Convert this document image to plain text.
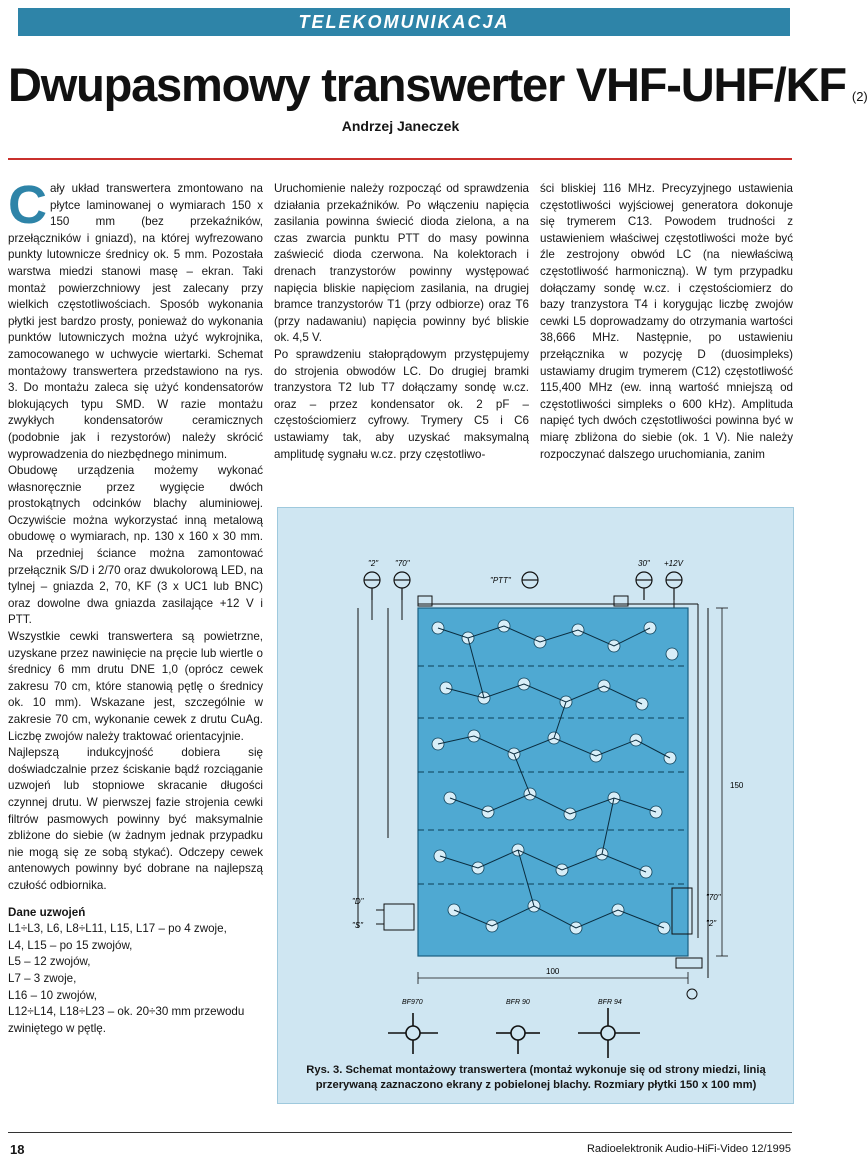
TELEKOMUNIKACJA
Dwupasmowy transwerter VHF-UHF/KF (2)
Andrzej Janeczek

Cały układ transwertera zmontowano na płytce laminowanej o wymiarach 150 x 150 mm (bez przekaźników, przełączników i gniazd), na której wyfrezowano punkty lutownicze średnicy ok. 5 mm. Pozostała warstwa miedzi stanowi masę – ekran. Taki montaż powierzchniowy jest zalecany przy wielkich częstotliwościach. Sposób wykonania płytki jest bardzo prosty, ponieważ do wykonania punktów lutowniczych można użyć wykrojnika, zamocowanego w uchwycie wiertarki. Schemat montażowy transwertera przedstawiono na rys. 3. Do montażu zaleca się użyć kondensatorów blokujących typu SMD. W razie montażu zwykłych kondensatorów ceramicznych (podobnie jak i rezystorów) należy skrócić wyprowadzenia do niezbędnego minimum.

Obudowę urządzenia możemy wykonać własnoręcznie przez wygięcie dwóch prostokątnych odcinków blachy aluminiowej. Oczywiście można wykorzystać inną metalową obudowę o wymiarach, np. 130 x 160 x 30 mm. Na przedniej ściance można zamontować przełącznik S/D i 2/70 oraz dwukolorową LED, na tylnej – gniazda 2, 70, KF (3 x UC1 lub BNC) oraz dowolne dwa gniazda zasilające +12 V i PTT.

Wszystkie cewki transwertera są powietrzne, uzyskane przez nawinięcie na pręcie lub wiertle o średnicy 6 mm drutu DNE 1,0 (oprócz cewek zakresu 70 cm, które stanowią pętlę o średnicy ok. 10 mm). Wskazane jest, szczególnie w zakresie 70 cm, wykonanie cewek z drutu CuAg. Liczbę zwojów należy traktować orientacyjnie.

Najlepszą indukcyjność dobiera się doświadczalnie przez ściskanie bądź rozciąganie uzwojeń lub stopniowe skracanie długości czynnej drutu. W pierwszej fazie strojenia cewki filtrów pasmowych powinny być maksymalnie zbliżone do siebie (w żadnym jednak przypadku nie mogą się ze sobą stykać). Odczepy cewek antenowych powinny być dobrane na najlepszą czułość odbiornika.

Dane uzwojeń

L1÷L3, L6, L8÷L11, L15, L17 – po 4 zwoje,

L4, L15 – po 15 zwojów,

L5 – 12 zwojów,

L7 – 3 zwoje,

L16 – 10 zwojów,

L12÷L14, L18÷L23 – ok. 20÷30 mm przewodu zwiniętego w pętlę.

Uruchomienie należy rozpocząć od sprawdzenia działania przekaźników. Po włączeniu napięcia zasilania powinna świecić dioda zielona, a na czas zwarcia punktu PTT do masy powinna zaświecić dioda czerwona. Na kolektorach i drenach tranzystorów powinny występować napięcia bliskie napięciom zasilania, na drugiej bramce tranzystorów T1 (przy odbiorze) oraz T6 (przy nadawaniu) napięcia powinny być bliskie ok. 4,5 V.

Po sprawdzeniu stałoprądowym przystępujemy do strojenia obwodów LC. Do drugiej bramki tranzystora T2 lub T7 dołączamy sondę w.cz. oraz – przez kondensator ok. 2 pF – częstościomierz cyfrowy. Trymery C5 i C6 ustawiamy tak, aby uzyskać maksymalną amplitudę sygnału w.cz. przy częstotliwo-

ści bliskiej 116 MHz. Precyzyjnego ustawienia częstotliwości wyjściowej generatora dokonuje się trymerem C13. Powodem trudności z ustawieniem właściwej częstotliwości może być źle zestrojony obwód LC (na niewłaściwą częstotliwość harmoniczną). W tym przypadku dołączamy sondę w.cz. i częstościomierz do bazy tranzystora T4 i korygując liczbę zwojów cewki L5 doprowadzamy do otrzymania wartości 38,666 MHz. Następnie, po ustawieniu przełącznika w pozycję D (duosimpleks) ustawiamy drugim trymerem (C12) częstotliwość 115,400 MHz (ew. inną wartość mniejszą od częstotliwości simpleks o 600 kHz). Amplituda napięć tych dwóch częstotliwości powinna być w miarę zbliżona do siebie (ok. 1 V). Nie należy rozpoczynać dalszego uruchomiania, zanim

"2" "70"
"PTT"
30" +12V
100
150
"D"
"S"
"70"
"2"
BF970	BFR 90	BFR 94
Rys. 3. Schemat montażowy transwertera (montaż wykonuje się od strony miedzi, linią przerywaną zaznaczono ekrany z pobielonej blachy. Rozmiary płytki 150 x 100 mm)
18	Radioelektronik Audio-HiFi-Video 12/1995
